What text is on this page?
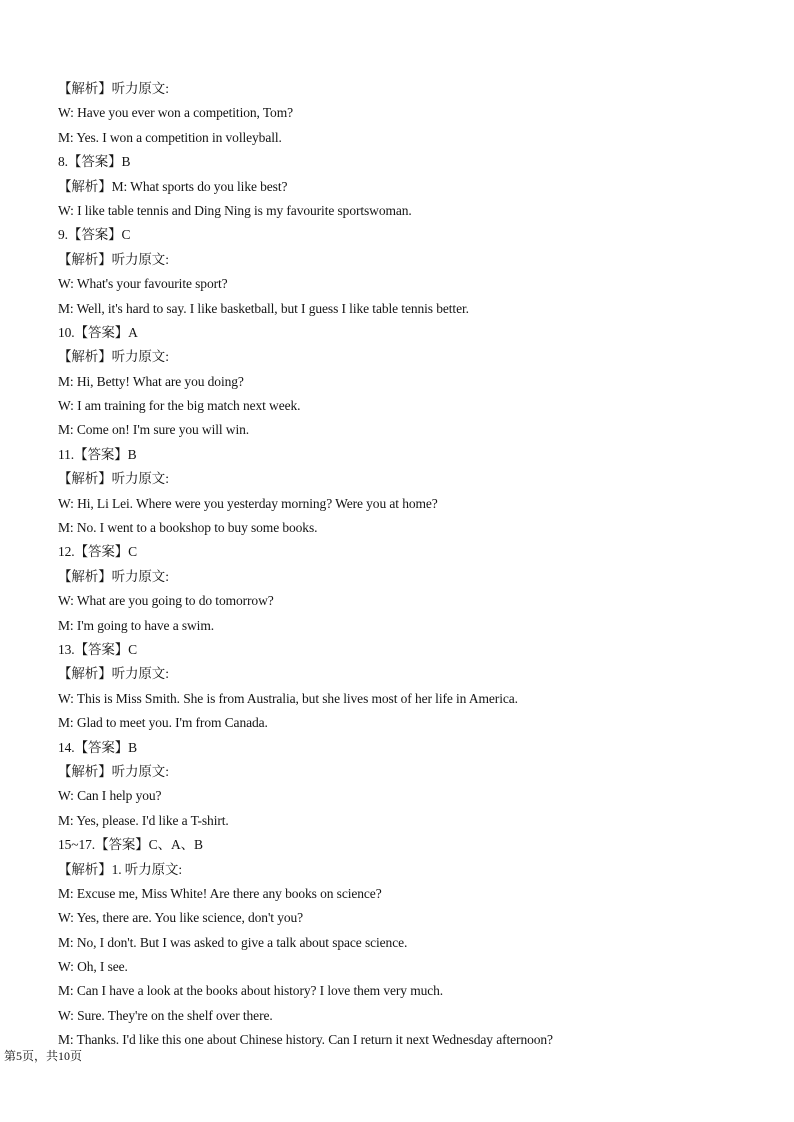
【解析】听力原文:
W: Have you ever won a competition, Tom?
M: Yes. I won a competition in volleyball.
8.【答案】B
【解析】M: What sports do you like best?
W: I like table tennis and Ding Ning is my favourite sportswoman.
9.【答案】C
【解析】听力原文:
W: What's your favourite sport?
M: Well, it's hard to say. I like basketball, but I guess I like table tennis better.
10.【答案】A
【解析】听力原文:
M: Hi, Betty! What are you doing?
W: I am training for the big match next week.
M: Come on! I'm sure you will win.
11.【答案】B
【解析】听力原文:
W: Hi, Li Lei. Where were you yesterday morning? Were you at home?
M: No. I went to a bookshop to buy some books.
12.【答案】C
【解析】听力原文:
W: What are you going to do tomorrow?
M: I'm going to have a swim.
13.【答案】C
【解析】听力原文:
W: This is Miss Smith. She is from Australia, but she lives most of her life in America.
M: Glad to meet you. I'm from Canada.
14.【答案】B
【解析】听力原文:
W: Can I help you?
M: Yes, please. I'd like a T-shirt.
15~17.【答案】C、A、B
【解析】1. 听力原文:
M: Excuse me, Miss White! Are there any books on science?
W: Yes, there are. You like science, don't you?
M: No, I don't. But I was asked to give a talk about space science.
W: Oh, I see.
M: Can I have a look at the books about history? I love them very much.
W: Sure. They're on the shelf over there.
M: Thanks. I'd like this one about Chinese history. Can I return it next Wednesday afternoon?
第5页，共10页
